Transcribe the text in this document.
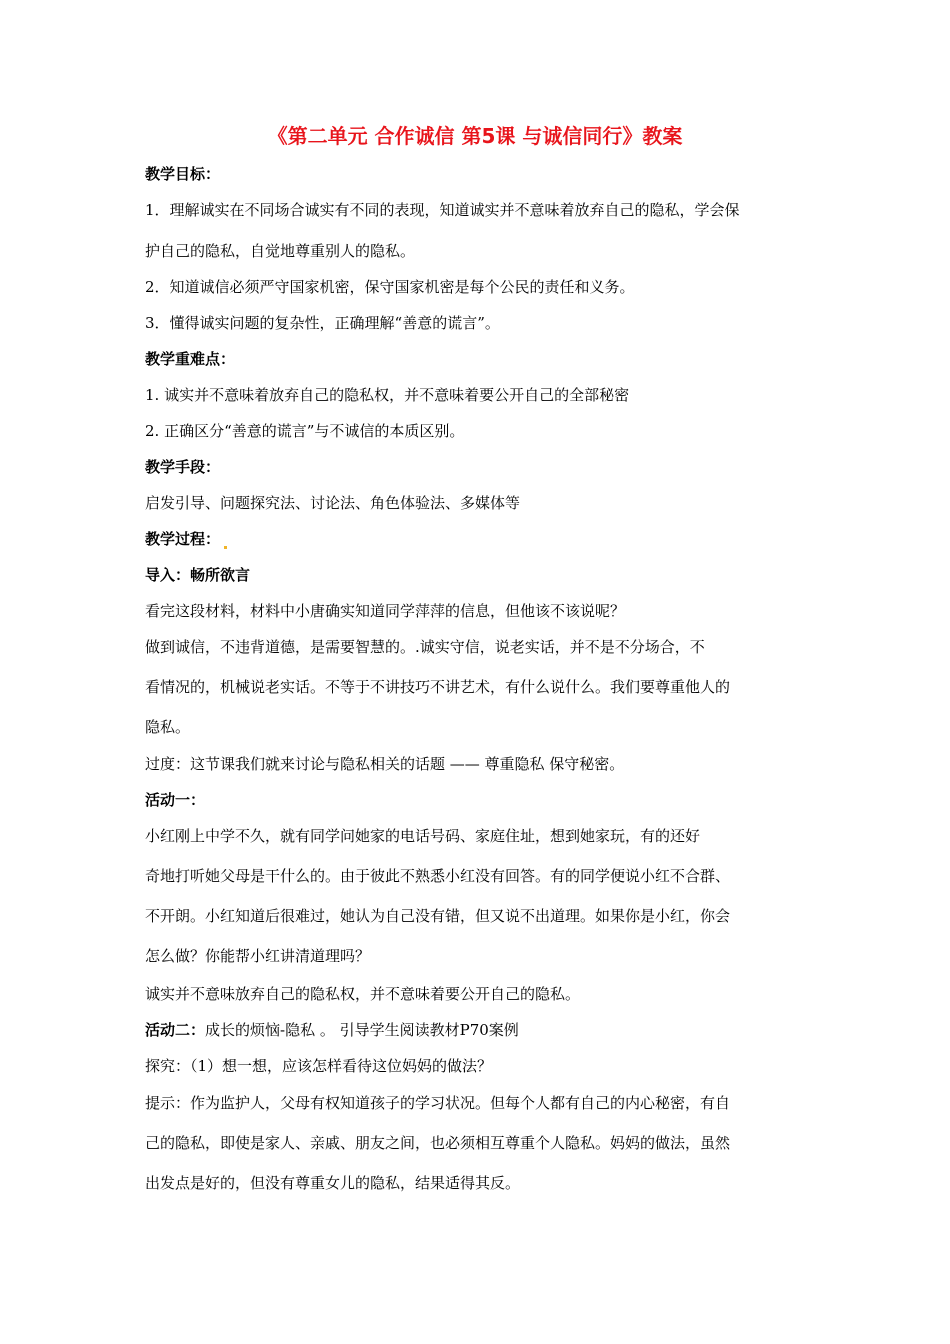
《第二单元 合作诚信 第5课 与诚信同行》教案
教学目标：
1．理解诚实在不同场合诚实有不同的表现，知道诚实并不意味着放弃自己的隐私，学会保
护自己的隐私，自觉地尊重别人的隐私。
2．知道诚信必须严守国家机密，保守国家机密是每个公民的责任和义务。
3．懂得诚实问题的复杂性，正确理解“善意的谎言”。
教学重难点：
1. 诚实并不意味着放弃自己的隐私权，并不意味着要公开自己的全部秘密
2. 正确区分“善意的谎言”与不诚信的本质区别。
教学手段：
启发引导、问题探究法、讨论法、角色体验法、多媒体等
教学过程：
导入：畅所欲言
看完这段材料，材料中小唐确实知道同学萍萍的信息，但他该不该说呢？
做到诚信，不违背道德，是需要智慧的。.诚实守信，说老实话，并不是不分场合，不
看情况的，机械说老实话。不等于不讲技巧不讲艺术，有什么说什么。我们要尊重他人的
隐私。
过度：这节课我们就来讨论与隐私相关的话题 —— 尊重隐私 保守秘密。
活动一：
小红刚上中学不久，就有同学问她家的电话号码、家庭住址，想到她家玩，有的还好
奇地打听她父母是干什么的。由于彼此不熟悉小红没有回答。有的同学便说小红不合群、
不开朗。小红知道后很难过，她认为自己没有错，但又说不出道理。如果你是小红，你会
怎么做？你能帮小红讲清道理吗？
诚实并不意味放弃自己的隐私权，并不意味着要公开自己的隐私。
活动二：成长的烦恼-隐私 。 引导学生阅读教材P70案例
探究：（1）想一想，应该怎样看待这位妈妈的做法？
提示：作为监护人，父母有权知道孩子的学习状况。但每个人都有自己的内心秘密，有自
己的隐私，即使是家人、亲戚、朋友之间，也必须相互尊重个人隐私。妈妈的做法，虽然
出发点是好的，但没有尊重女儿的隐私，结果适得其反。
